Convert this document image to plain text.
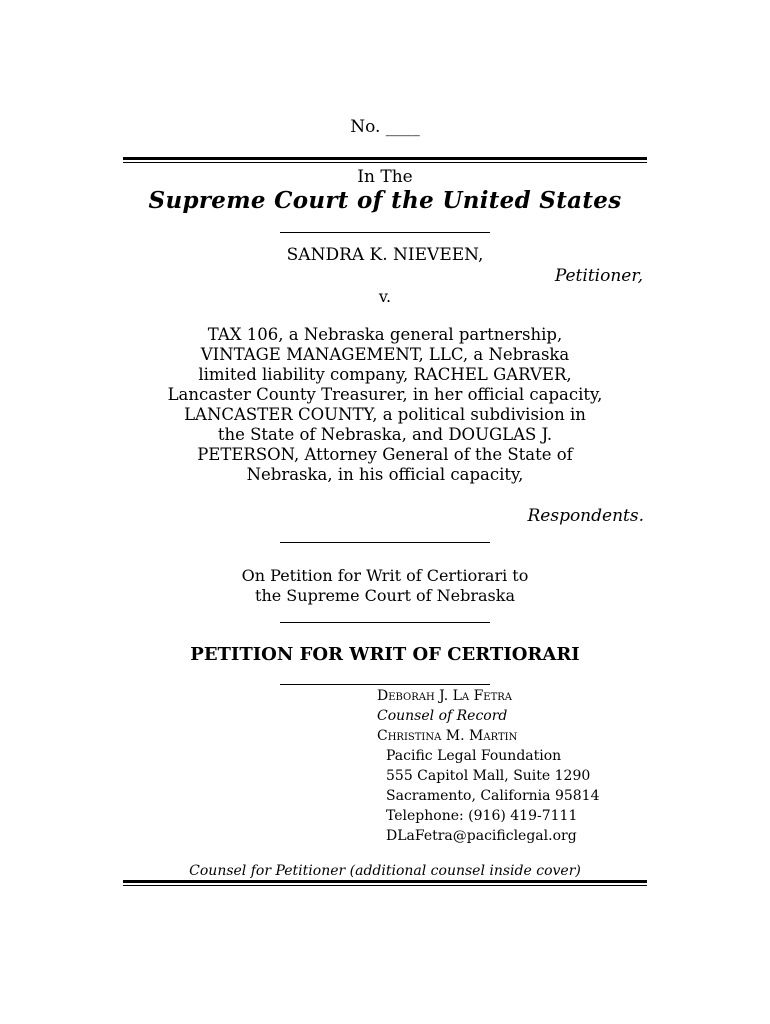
No. ____
In The
Supreme Court of the United States
SANDRA K. NIEVEEN,
Petitioner,
v.
TAX 106, a Nebraska general partnership,
VINTAGE MANAGEMENT, LLC, a Nebraska
limited liability company, RACHEL GARVER,
Lancaster County Treasurer, in her official capacity,
LANCASTER COUNTY, a political subdivision in
the State of Nebraska, and DOUGLAS J.
PETERSON, Attorney General of the State of
Nebraska, in his official capacity,
Respondents.
On Petition for Writ of Certiorari to
the Supreme Court of Nebraska
PETITION FOR WRIT OF CERTIORARI
Deborah J. La Fetra
Counsel of Record
Christina M. Martin
Pacific Legal Foundation
555 Capitol Mall, Suite 1290
Sacramento, California 95814
Telephone: (916) 419-7111
DLaFetra@pacificlegal.org
Counsel for Petitioner (additional counsel inside cover)
